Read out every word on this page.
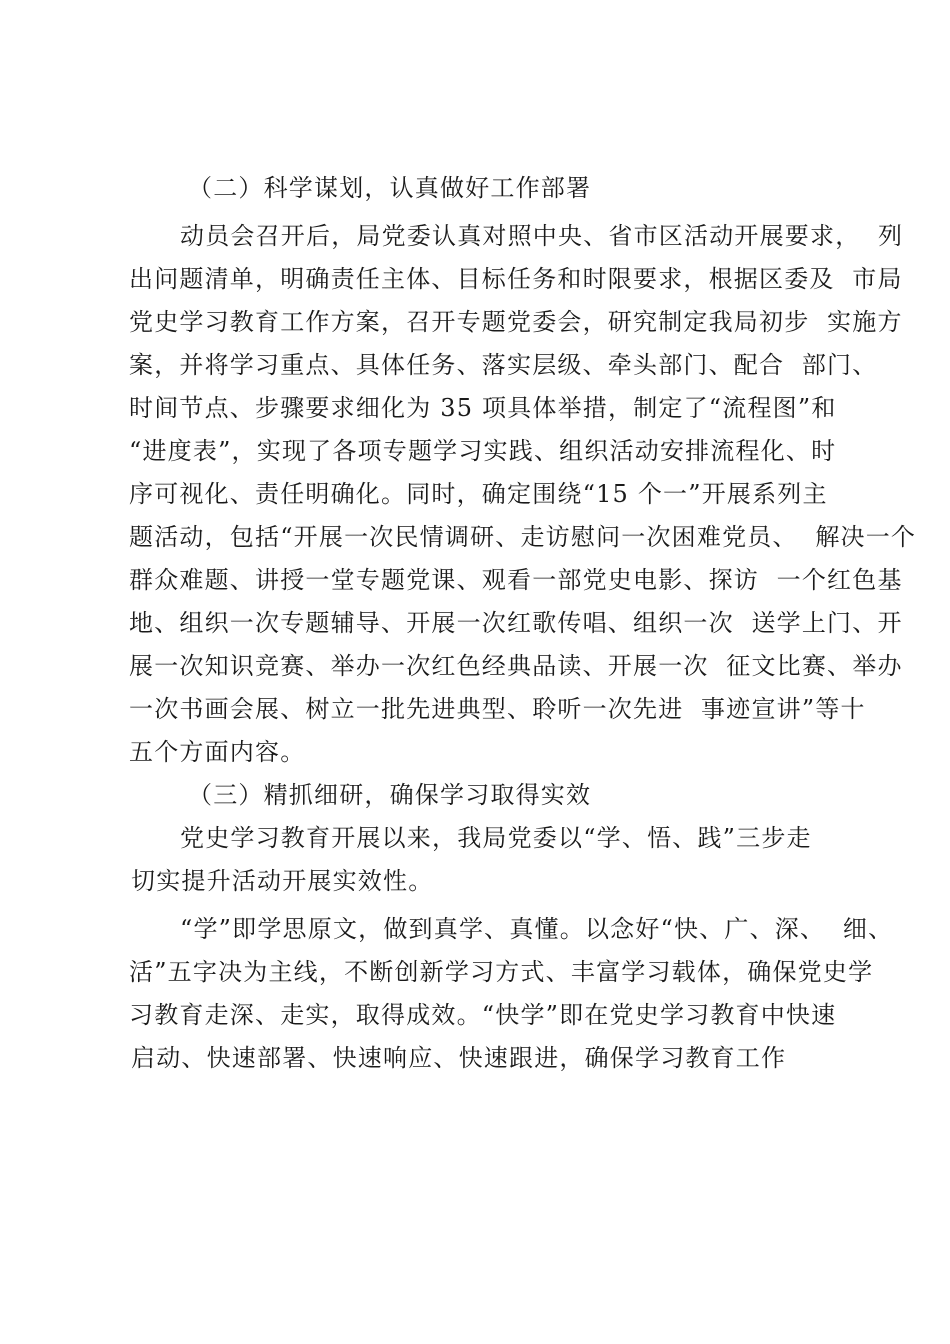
（二）科学谋划，认真做好工作部署
动员会召开后，局党委认真对照中央、省市区活动开展要求，  列
出问题清单，明确责任主体、目标任务和时限要求，根据区委及  市局
党史学习教育工作方案，召开专题党委会，研究制定我局初步  实施方
案，并将学习重点、具体任务、落实层级、牵头部门、配合  部门、
时间节点、步骤要求细化为 35 项具体举措，制定了“流程图”和
“进度表”，实现了各项专题学习实践、组织活动安排流程化、时
序可视化、责任明确化。同时，确定围绕“15 个一”开展系列主
题活动，包括“开展一次民情调研、走访慰问一次困难党员、  解决一个
群众难题、讲授一堂专题党课、观看一部党史电影、探访  一个红色基
地、组织一次专题辅导、开展一次红歌传唱、组织一次  送学上门、开
展一次知识竞赛、举办一次红色经典品读、开展一次  征文比赛、举办
一次书画会展、树立一批先进典型、聆听一次先进  事迹宣讲”等十
五个方面内容。
（三）精抓细研，确保学习取得实效
党史学习教育开展以来，我局党委以“学、悟、践”三步走
切实提升活动开展实效性。
“学”即学思原文，做到真学、真懂。以念好“快、广、深、  细、
活”五字决为主线，不断创新学习方式、丰富学习载体，确保党史学
习教育走深、走实，取得成效。“快学”即在党史学习教育中快速
启动、快速部署、快速响应、快速跟进，确保学习教育工作
